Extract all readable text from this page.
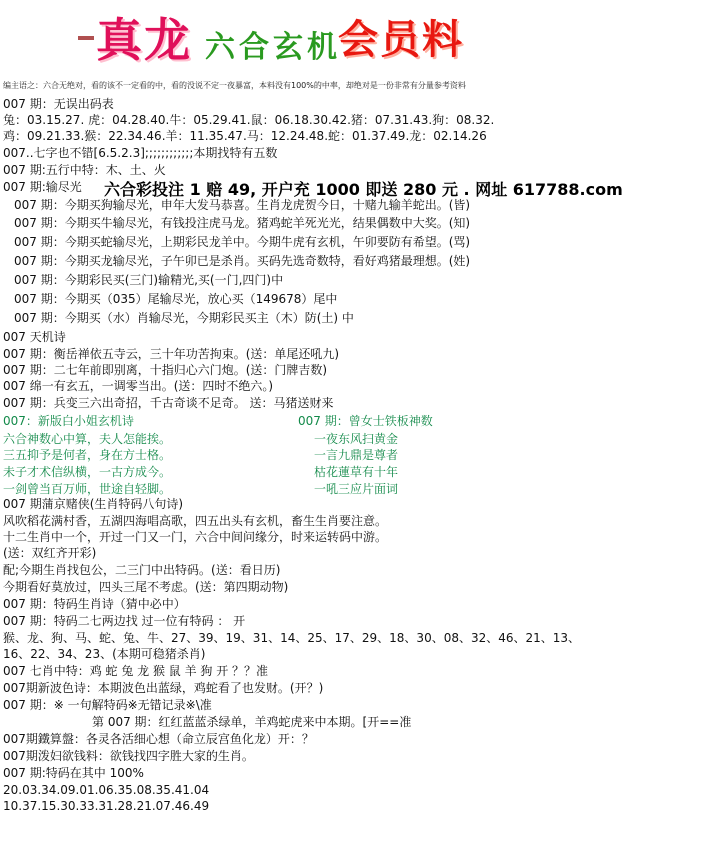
真龙 六合玄机
会员料
编主语之：六合无绝对，看的该不一定看的中，看的没说不定一夜暴富，本料没有100%的中率，却绝对是一份非常有分量参考资料
007 期：无误出码表
兔：03.15.27. 虎：04.28.40.牛：05.29.41.鼠：06.18.30.42.猪：07.31.43.狗：08.32.
鸡：09.21.33.猴：22.34.46.羊：11.35.47.马：12.24.48.蛇：01.37.49.龙：02.14.26
007..七字也不错[6.5.2.3];;;;;;;;;;;;本期找特有五数
007 期:五行中特：木、土、火
007 期:输尽光 六合彩投注 1 赔 49, 开户充 1000 即送 280 元 . 网址 617788.com
007 期：今期买狗输尽光，申年大发马恭喜。生肖龙虎贺今日，十赌九输羊蛇出。(皆)
007 期：今期买牛输尽光，有钱投注虎马龙。猪鸡蛇羊死光光，结果偶数中大奖。(知)
007 期：今期买蛇输尽光，上期彩民龙羊中。今期牛虎有玄机，午卯要防有希望。(骂)
007 期：今期买龙输尽光，子午卯已是杀肖。买码先选奇数特，看好鸡猪最理想。(姓)
007 期：今期彩民买(三门)输精光,买(一门,四门)中
007 期：今期买（035）尾输尽光，放心买（149678）尾中
007 期：今期买（水）肖输尽光，今期彩民买主（木）防(土) 中
007 天机诗
007 期：衡岳禅依五寺云，三十年功苦拘束。(送：单尾还吼九)
007 期：二七年前即别离，十指归心六门炮。(送：门牌吉数)
007 绵一有玄五，一调零当出。(送：四时不绝六。)
007 期：兵变三六出奇招，千古奇谈不足奇。 送：马猪送财来
007：新版白小姐玄机诗	007 期：曾女士铁板神数
六合神数心中算，夫人怎能挨。	一夜东风扫黄金
三五抑予是何者，身在方士格。	一言九鼎是尊者
未子才术信纵横，一古方成今。	枯花蓮草有十年
一剑曾当百万师，世途自轻脚。	一吼三应片面词
007 期蒲京赌侠(生肖特码八句诗)
风吹稻花满村香，五湖四海唱高歌，四五出头有玄机，畜生生肖要注意。
十二生肖中一个，开过一门又一门，六合中间问缘分，时来运转码中游。
(送：双红齐开彩)
配;今期生肖找包公，二三门中出特码。(送：看日历)
今期看好莫放过，四头三尾不考虑。(送：第四期动物)
007 期：特码生肖诗（猜中必中）
007 期：特码二七两边找 过一位有特码 ： 开
猴、龙、狗、马、蛇、兔、牛、27、39、19、31、14、25、17、29、18、30、08、32、46、21、13、
16、22、34、23、(本期可稳猪杀肖)
007 七肖中特：鸡 蛇 兔 龙 猴 鼠 羊 狗 开 ？？准
007期新波色诗：本期波色出蓝绿，鸡蛇看了也发财。(开？)
007 期：※ 一句解特码※无错记录※\准
第 007 期：红红蓝蓝杀绿单，羊鸡蛇虎来中本期。[开==准
007期鐵算盤：各灵各活细心想（命立辰宫鱼化龙）开：？
007期泼妇欲钱料：欲钱找四字胜大家的生肖。
007 期:特码在其中 100%
20.03.34.09.01.06.35.08.35.41.04
10.37.15.30.33.31.28.21.07.46.49
